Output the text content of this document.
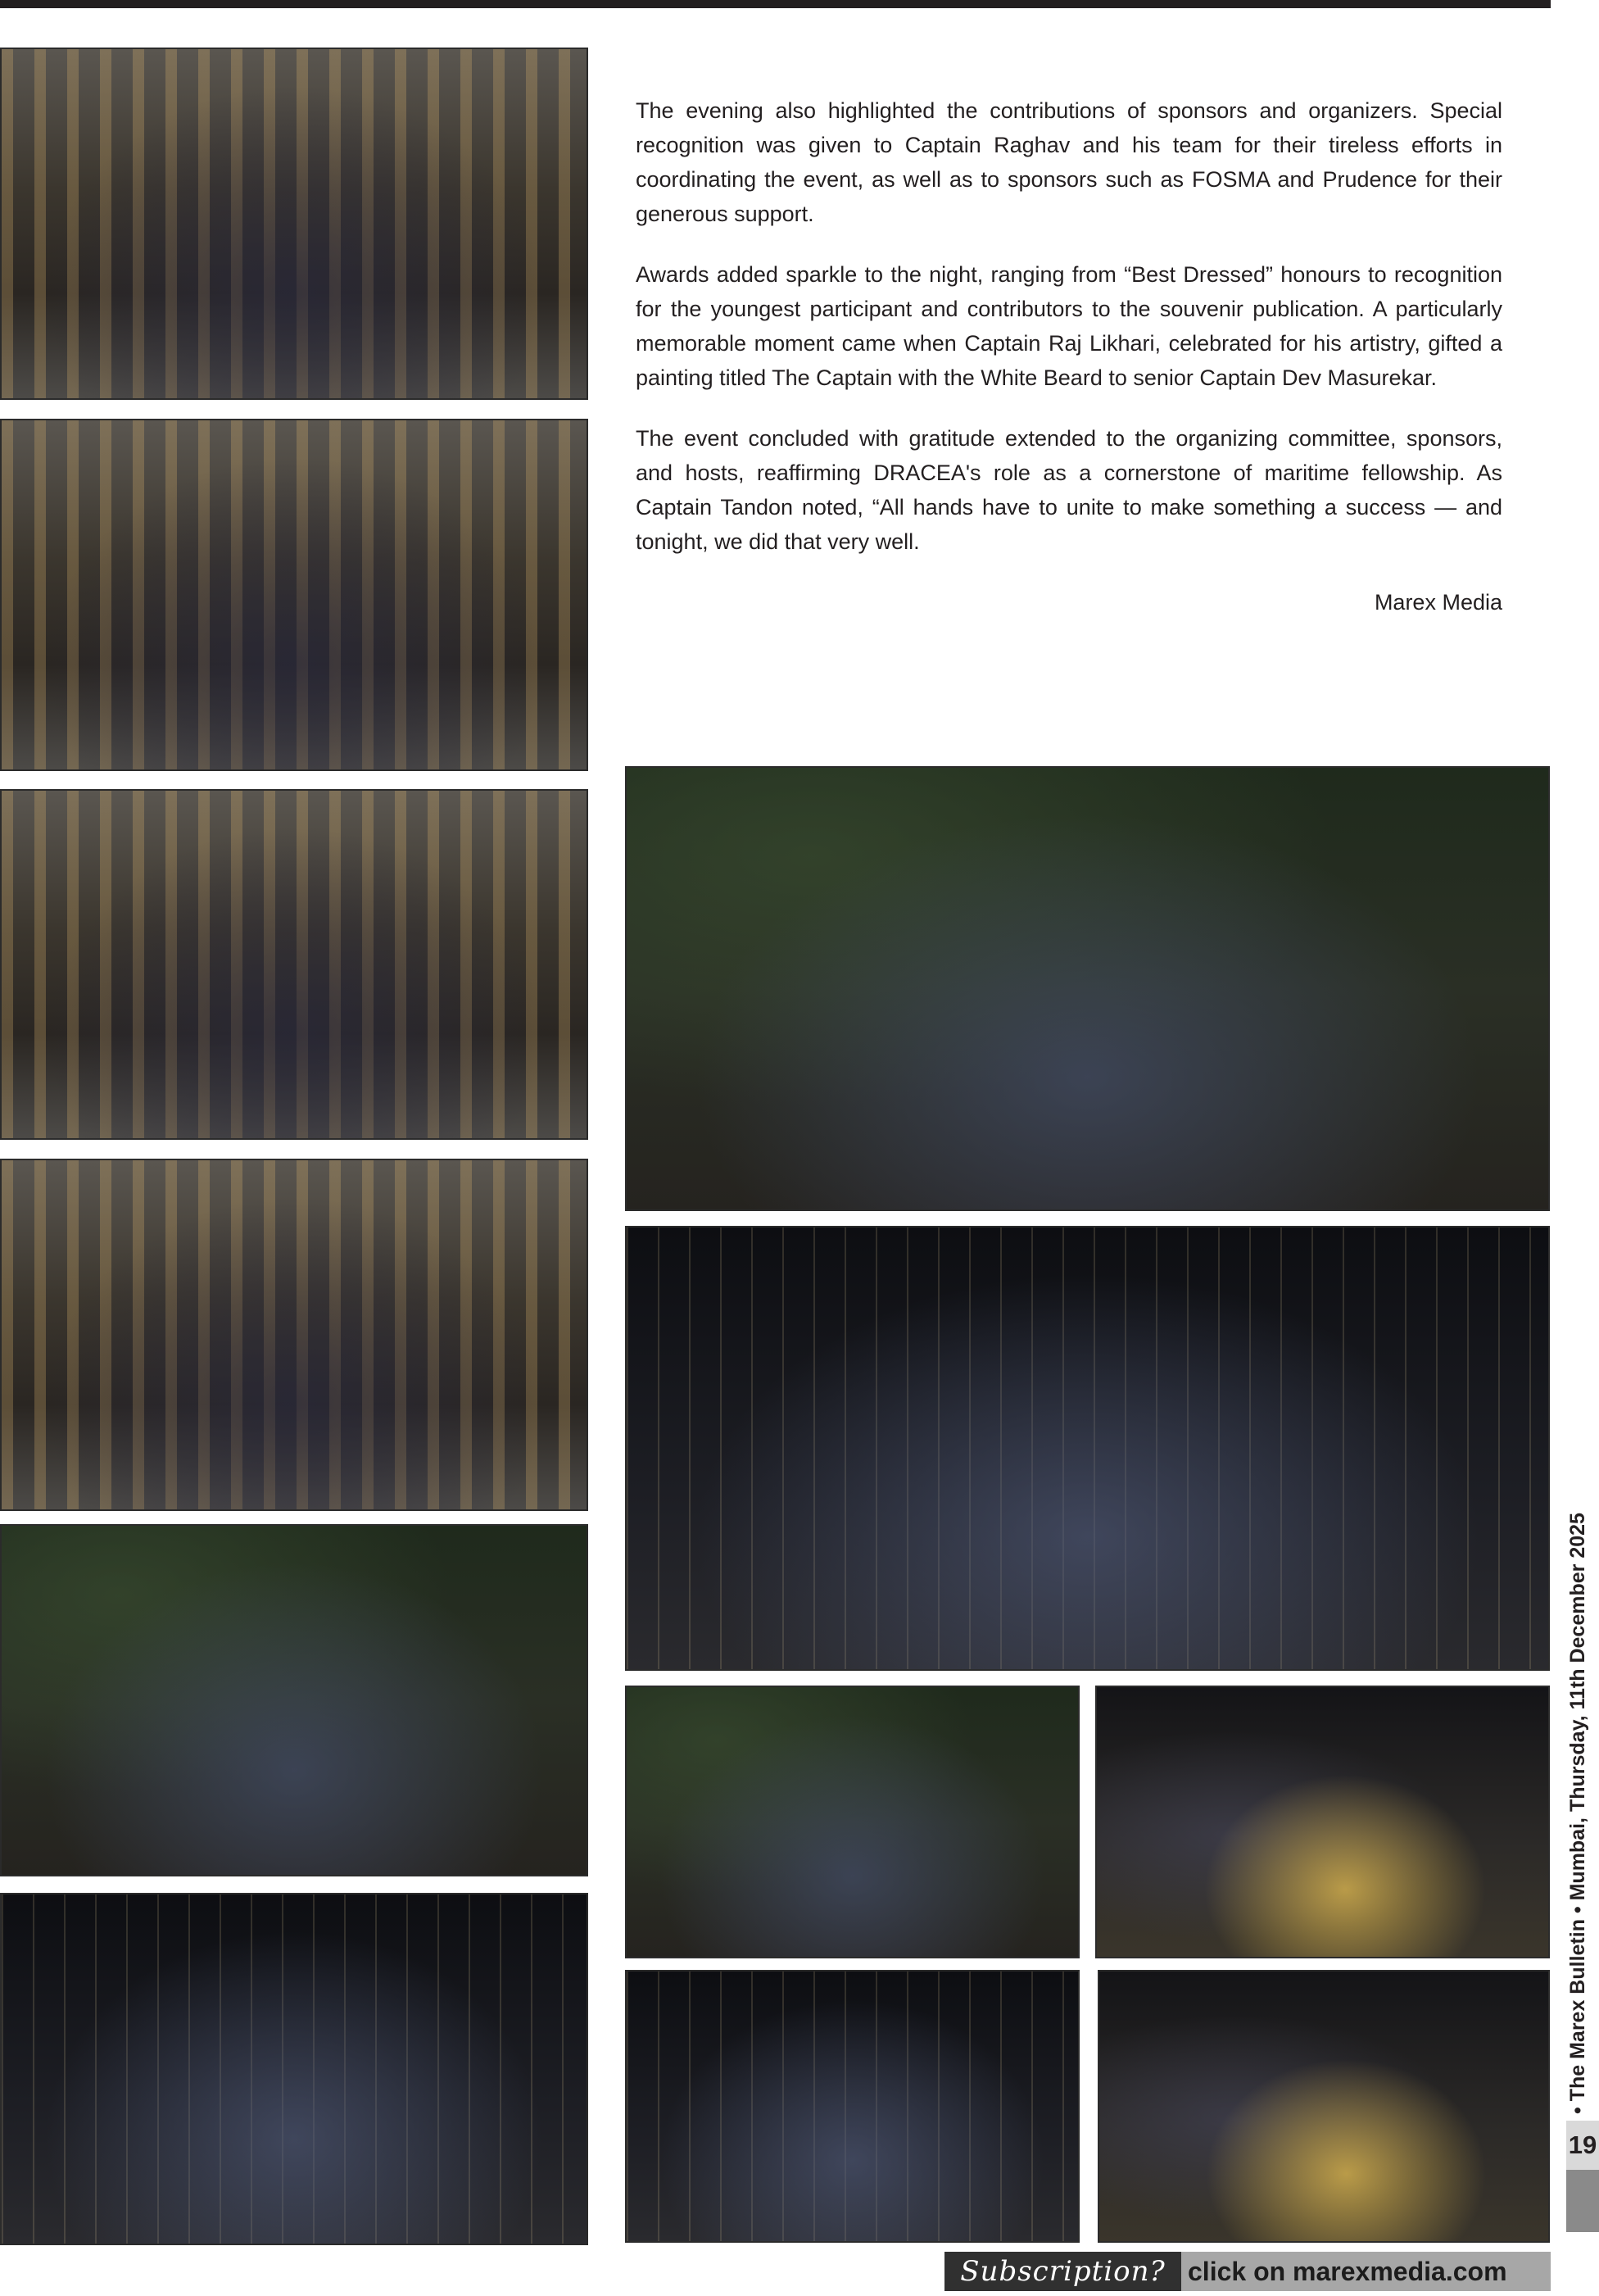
The evening also highlighted the contributions of sponsors and organizers. Special recognition was given to Captain Raghav and his team for their tireless efforts in coordinating the event, as well as to sponsors such as FOSMA and Prudence for their generous support.

Awards added sparkle to the night, ranging from “Best Dressed” honours to recognition for the youngest participant and contributors to the souvenir publication. A particularly memorable moment came when Captain Raj Likhari, celebrated for his artistry, gifted a painting titled The Captain with the White Beard to senior Captain Dev Masurekar.

The event concluded with gratitude extended to the organizing committee, sponsors, and hosts, reaffirming DRACEA's role as a cornerstone of maritime fellowship. As Captain Tandon noted, “All hands have to unite to make something a success — and tonight, we did that very well.

Marex Media

• The Marex Bulletin • Mumbai, Thursday, 11th December 2025
19
Subscription? click on marexmedia.com
